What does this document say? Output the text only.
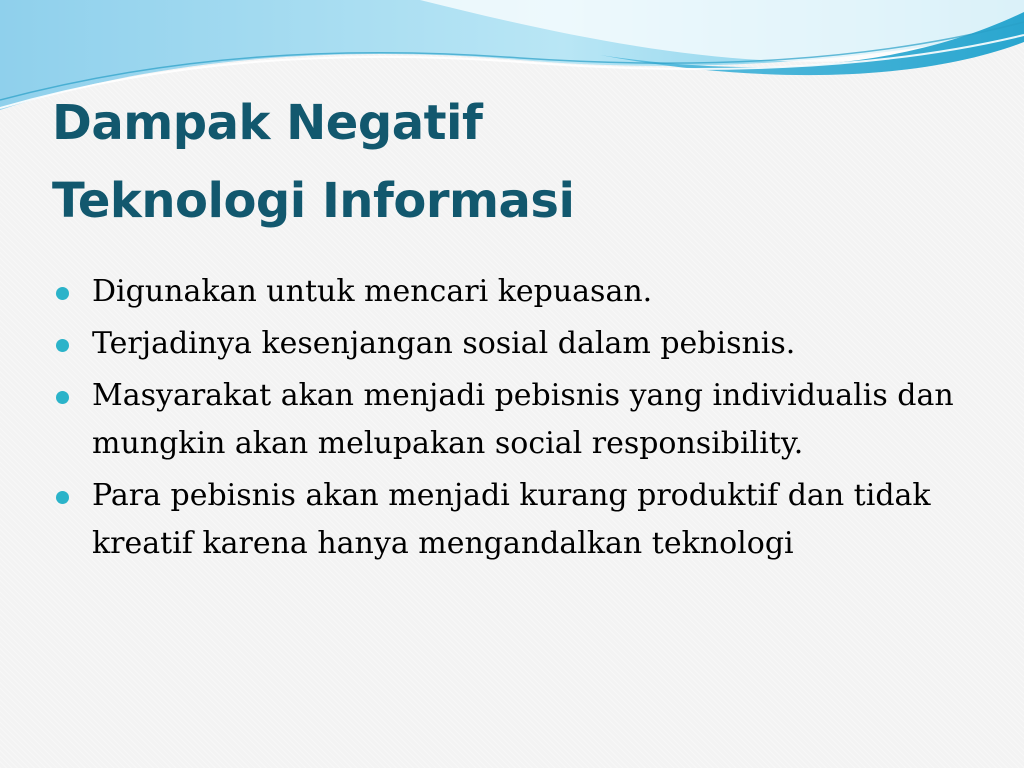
Dampak Negatif
Teknologi Informasi
Digunakan untuk mencari kepuasan.
Terjadinya kesenjangan sosial dalam pebisnis.
Masyarakat akan menjadi pebisnis yang individualis dan mungkin akan melupakan social responsibility.
Para pebisnis akan menjadi kurang produktif dan tidak kreatif karena hanya mengandalkan teknologi
